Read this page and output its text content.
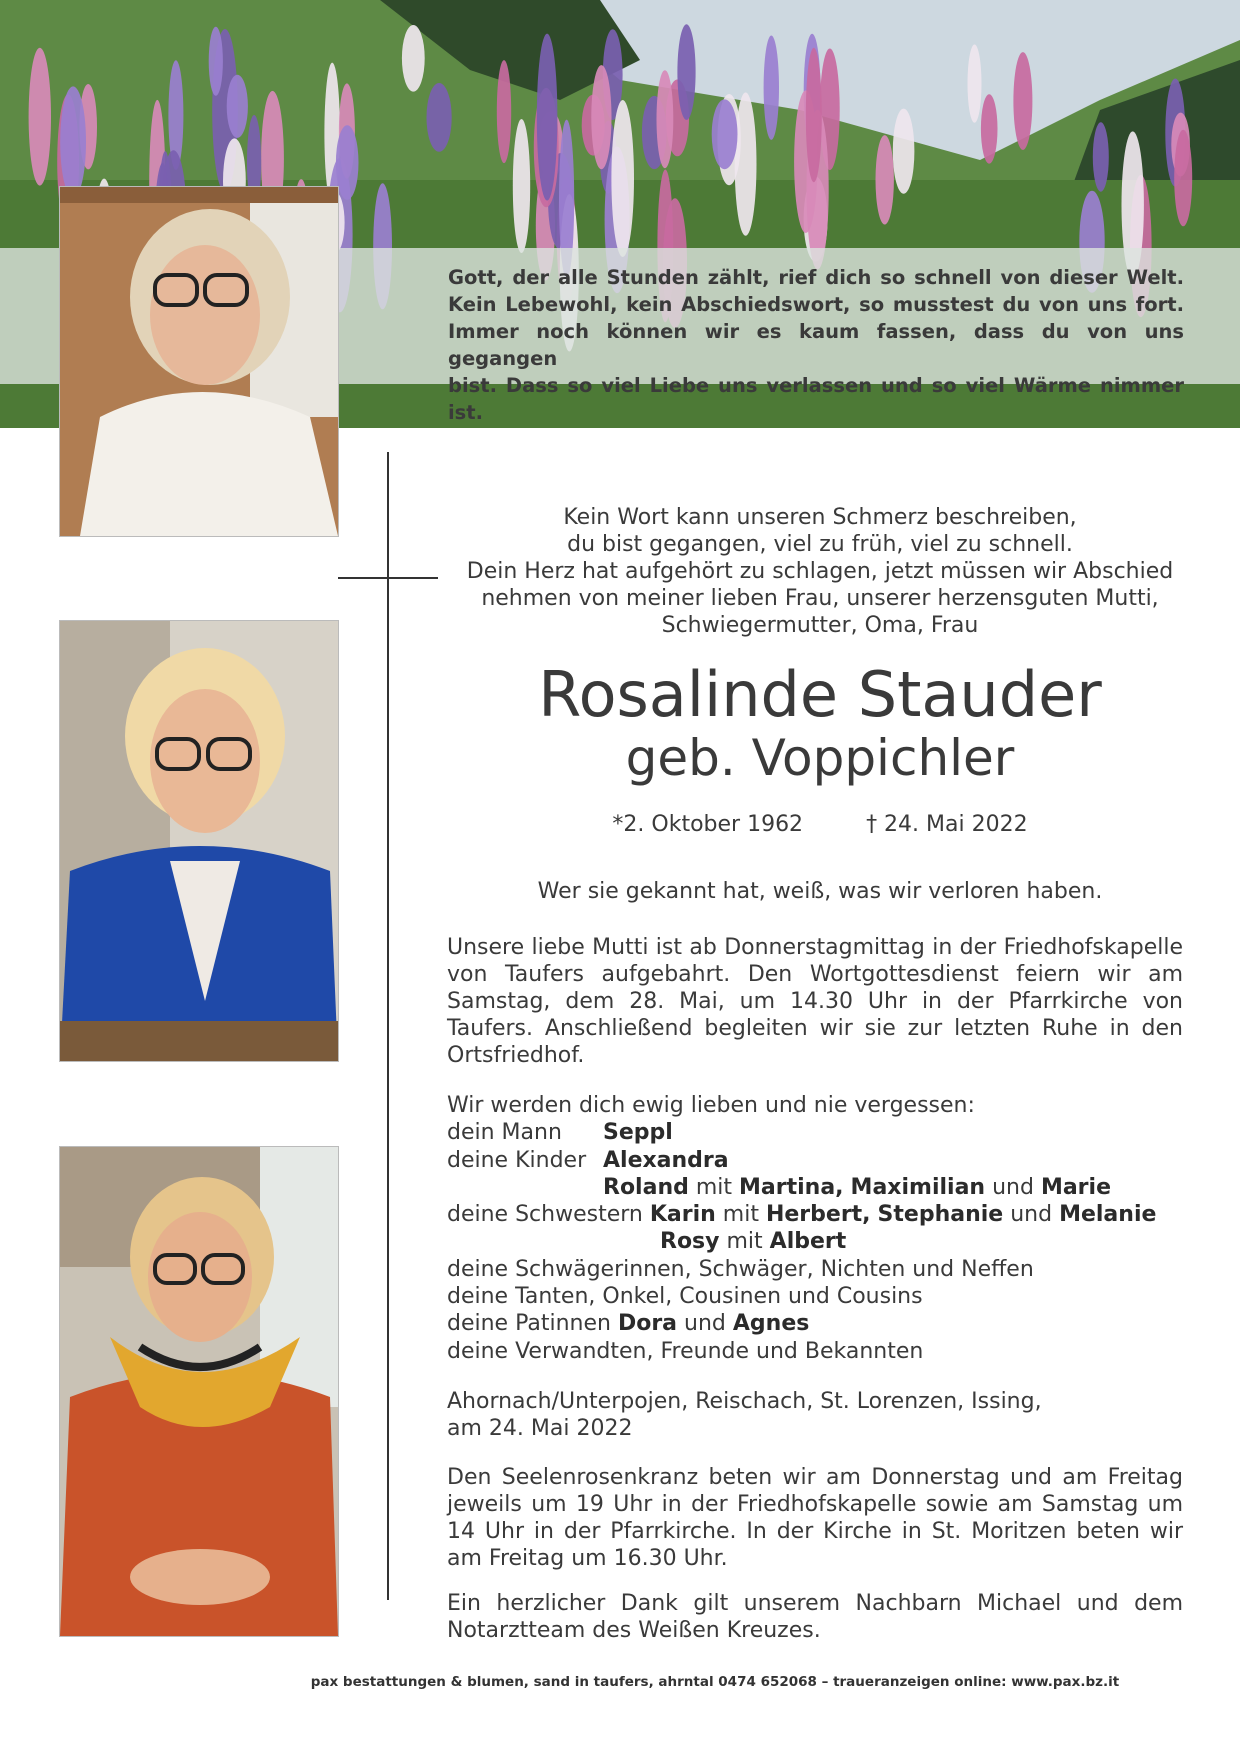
Gott, der alle Stunden zählt, rief dich so schnell von dieser Welt.
Kein Lebewohl, kein Abschiedswort, so musstest du von uns fort.
Immer noch können wir es kaum fassen, dass du von uns gegangen
bist. Dass so viel Liebe uns verlassen und so viel Wärme nimmer ist.
Kein Wort kann unseren Schmerz beschreiben,
du bist gegangen, viel zu früh, viel zu schnell.
Dein Herz hat aufgehört zu schlagen, jetzt müssen wir Abschied
nehmen von meiner lieben Frau, unserer herzensguten Mutti,
Schwiegermutter, Oma, Frau
Rosalinde Stauder
geb. Voppichler
*2. Oktober 1962	† 24. Mai 2022
Wer sie gekannt hat, weiß, was wir verloren haben.
Unsere liebe Mutti ist ab Donnerstagmittag in der Friedhofskapelle von Taufers aufgebahrt. Den Wortgottesdienst feiern wir am Samstag, dem 28. Mai, um 14.30 Uhr in der Pfarrkirche von Taufers. Anschließend begleiten wir sie zur letzten Ruhe in den Ortsfriedhof.
Wir werden dich ewig lieben und nie vergessen:
dein Mann Seppl
deine Kinder Alexandra
Roland mit Martina, Maximilian und Marie
deine Schwestern Karin mit Herbert, Stephanie und Melanie
Rosy mit Albert
deine Schwägerinnen, Schwäger, Nichten und Neffen
deine Tanten, Onkel, Cousinen und Cousins
deine Patinnen Dora und Agnes
deine Verwandten, Freunde und Bekannten
Ahornach/Unterpojen, Reischach, St. Lorenzen, Issing,
am 24. Mai 2022
Den Seelenrosenkranz beten wir am Donnerstag und am Freitag jeweils um 19 Uhr in der Friedhofskapelle sowie am Samstag um 14 Uhr in der Pfarrkirche. In der Kirche in St. Moritzen beten wir am Freitag um 16.30 Uhr.
Ein herzlicher Dank gilt unserem Nachbarn Michael und dem Notarztteam des Weißen Kreuzes.
pax bestattungen & blumen, sand in taufers, ahrntal 0474 652068 – traueranzeigen online: www.pax.bz.it
